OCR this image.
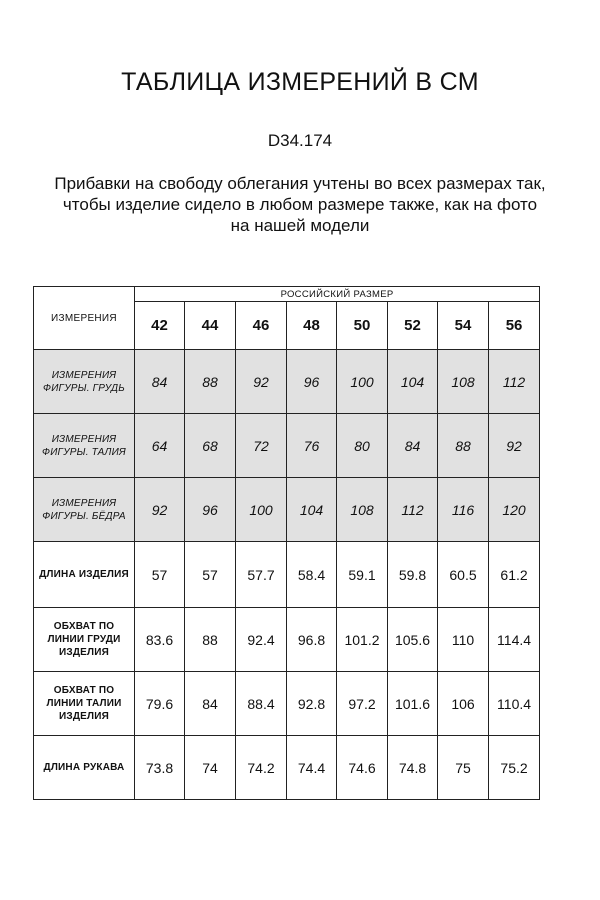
ТАБЛИЦА ИЗМЕРЕНИЙ В СМ
D34.174
Прибавки на свободу облегания учтены во всех размерах так,
чтобы изделие сидело в любом размере также, как на фото
на нашей модели
ИЗМЕРЕНИЯ	РОССИЙСКИЙ РАЗМЕР							
	42	44	46	48	50	52	54	56

ИЗМЕРЕНИЯ
ФИГУРЫ. ГРУДЬ	84	88	92	96	100	104	108	112

ИЗМЕРЕНИЯ
ФИГУРЫ. ТАЛИЯ	64	68	72	76	80	84	88	92

ИЗМЕРЕНИЯ
ФИГУРЫ. БЁДРА	92	96	100	104	108	112	116	120

ДЛИНА ИЗДЕЛИЯ	57	57	57.7	58.4	59.1	59.8	60.5	61.2

ОБХВАТ ПО
ЛИНИИ ГРУДИ
ИЗДЕЛИЯ	83.6	88	92.4	96.8	101.2	105.6	110	114.4

ОБХВАТ ПО
ЛИНИИ ТАЛИИ
ИЗДЕЛИЯ	79.6	84	88.4	92.8	97.2	101.6	106	110.4

ДЛИНА РУКАВА	73.8	74	74.2	74.4	74.6	74.8	75	75.2
